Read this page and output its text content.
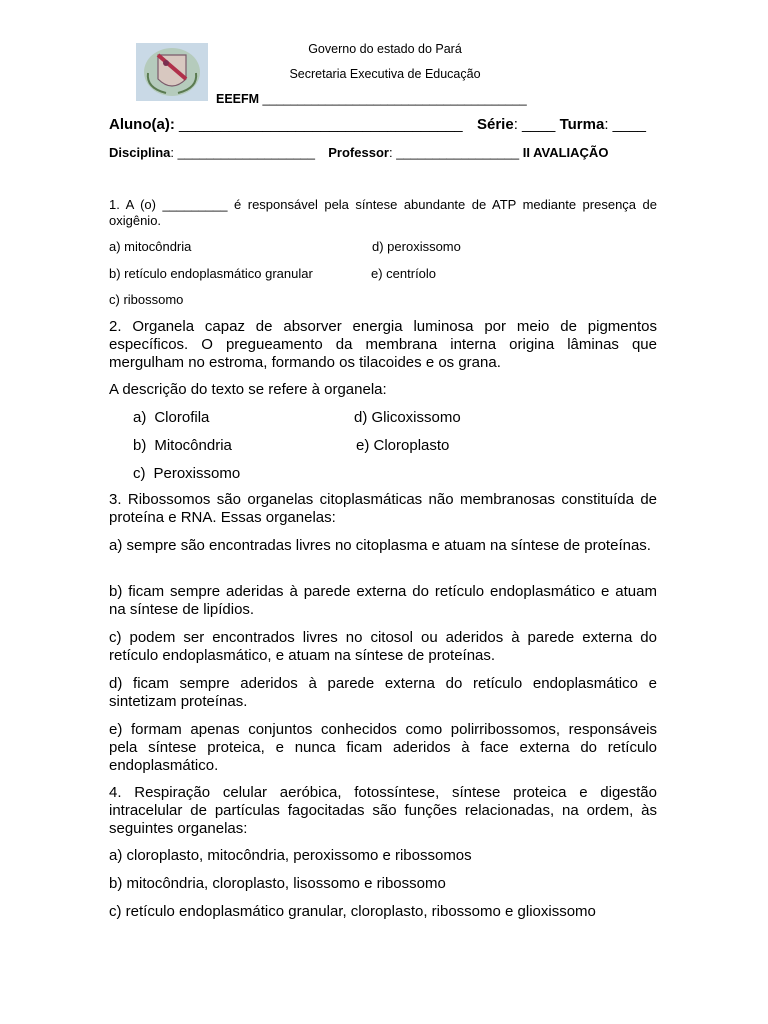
Governo do estado do Pará
Secretaria Executiva de Educação
EEEFM ______________________________________
Aluno(a): __________________________________ Série: ____ Turma: ____
Disciplina: ___________________ Professor: _________________ II AVALIAÇÃO
1. A (o) _________ é responsável pela síntese abundante de ATP mediante presença de oxigênio.
a) mitocôndria	d) peroxissomo
b) retículo endoplasmático granular	e) centríolo
c) ribossomo
2. Organela capaz de absorver energia luminosa por meio de pigmentos específicos. O pregueamento da membrana interna origina lâminas que mergulham no estroma, formando os tilacoides e os grana.
A descrição do texto se refere à organela:
a) Clorofila	d) Glicoxissomo
b) Mitocôndria	e) Cloroplasto
c) Peroxissomo
3. Ribossomos são organelas citoplasmáticas não membranosas constituída de proteína e RNA. Essas organelas:
a) sempre são encontradas livres no citoplasma e atuam na síntese de proteínas.
b) ficam sempre aderidas à parede externa do retículo endoplasmático e atuam na síntese de lipídios.
c) podem ser encontrados livres no citosol ou aderidos à parede externa do retículo endoplasmático, e atuam na síntese de proteínas.
d) ficam sempre aderidos à parede externa do retículo endoplasmático e sintetizam proteínas.
e) formam apenas conjuntos conhecidos como polirribossomos, responsáveis pela síntese proteica, e nunca ficam aderidos à face externa do retículo endoplasmático.
4. Respiração celular aeróbica, fotossíntese, síntese proteica e digestão intracelular de partículas fagocitadas são funções relacionadas, na ordem, às seguintes organelas:
a) cloroplasto, mitocôndria, peroxissomo e ribossomos
b) mitocôndria, cloroplasto, lisossomo e ribossomo
c) retículo endoplasmático granular, cloroplasto, ribossomo e glioxissomo
